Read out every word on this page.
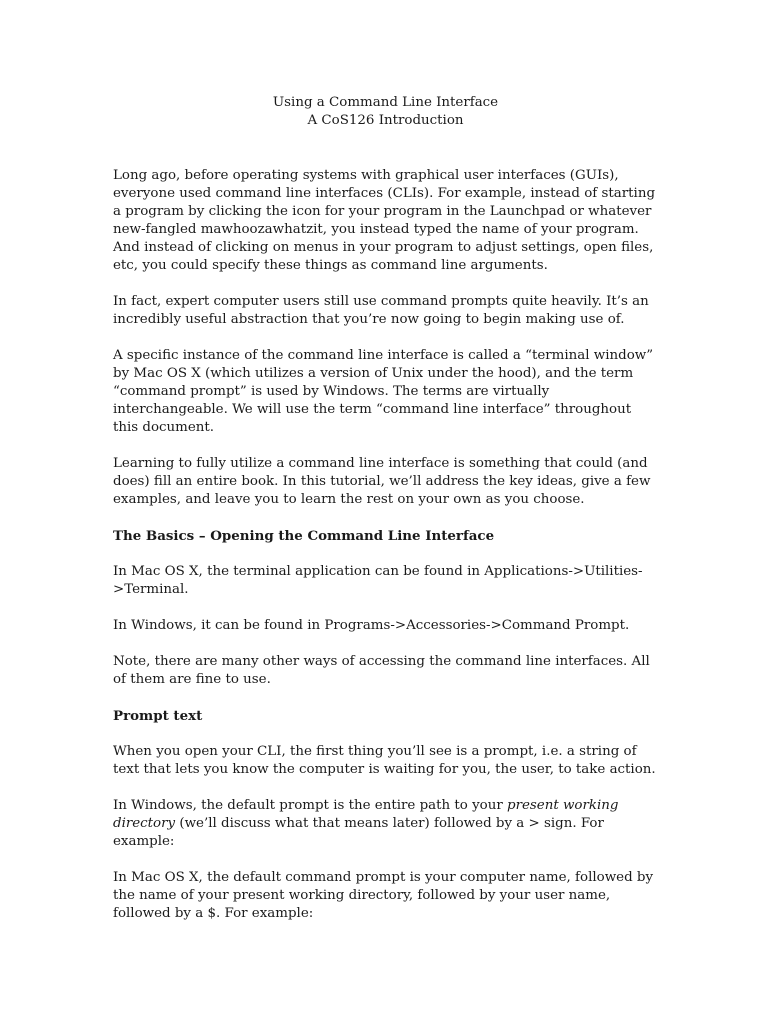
Using a Command Line Interface
A CoS126 Introduction

Long ago, before operating systems with graphical user interfaces (GUIs), everyone used command line interfaces (CLIs). For example, instead of starting a program by clicking the icon for your program in the Launchpad or whatever new-fangled mawhoozawhatzit, you instead typed the name of your program. And instead of clicking on menus in your program to adjust settings, open files, etc, you could specify these things as command line arguments.

In fact, expert computer users still use command prompts quite heavily. It’s an incredibly useful abstraction that you’re now going to begin making use of.

A specific instance of the command line interface is called a “terminal window” by Mac OS X (which utilizes a version of Unix under the hood), and the term “command prompt” is used by Windows. The terms are virtually interchangeable. We will use the term “command line interface” throughout this document.

Learning to fully utilize a command line interface is something that could (and does) fill an entire book. In this tutorial, we’ll address the key ideas, give a few examples, and leave you to learn the rest on your own as you choose.

The Basics – Opening the Command Line Interface

In Mac OS X, the terminal application can be found in Applications->Utilities->Terminal.

In Windows, it can be found in Programs->Accessories->Command Prompt.

Note, there are many other ways of accessing the command line interfaces. All of them are fine to use.

Prompt text

When you open your CLI, the first thing you’ll see is a prompt, i.e. a string of text that lets you know the computer is waiting for you, the user, to take action.

In Windows, the default prompt is the entire path to your present working directory (we’ll discuss what that means later) followed by a > sign. For example:

In Mac OS X, the default command prompt is your computer name, followed by the name of your present working directory, followed by your user name, followed by a $. For example:
